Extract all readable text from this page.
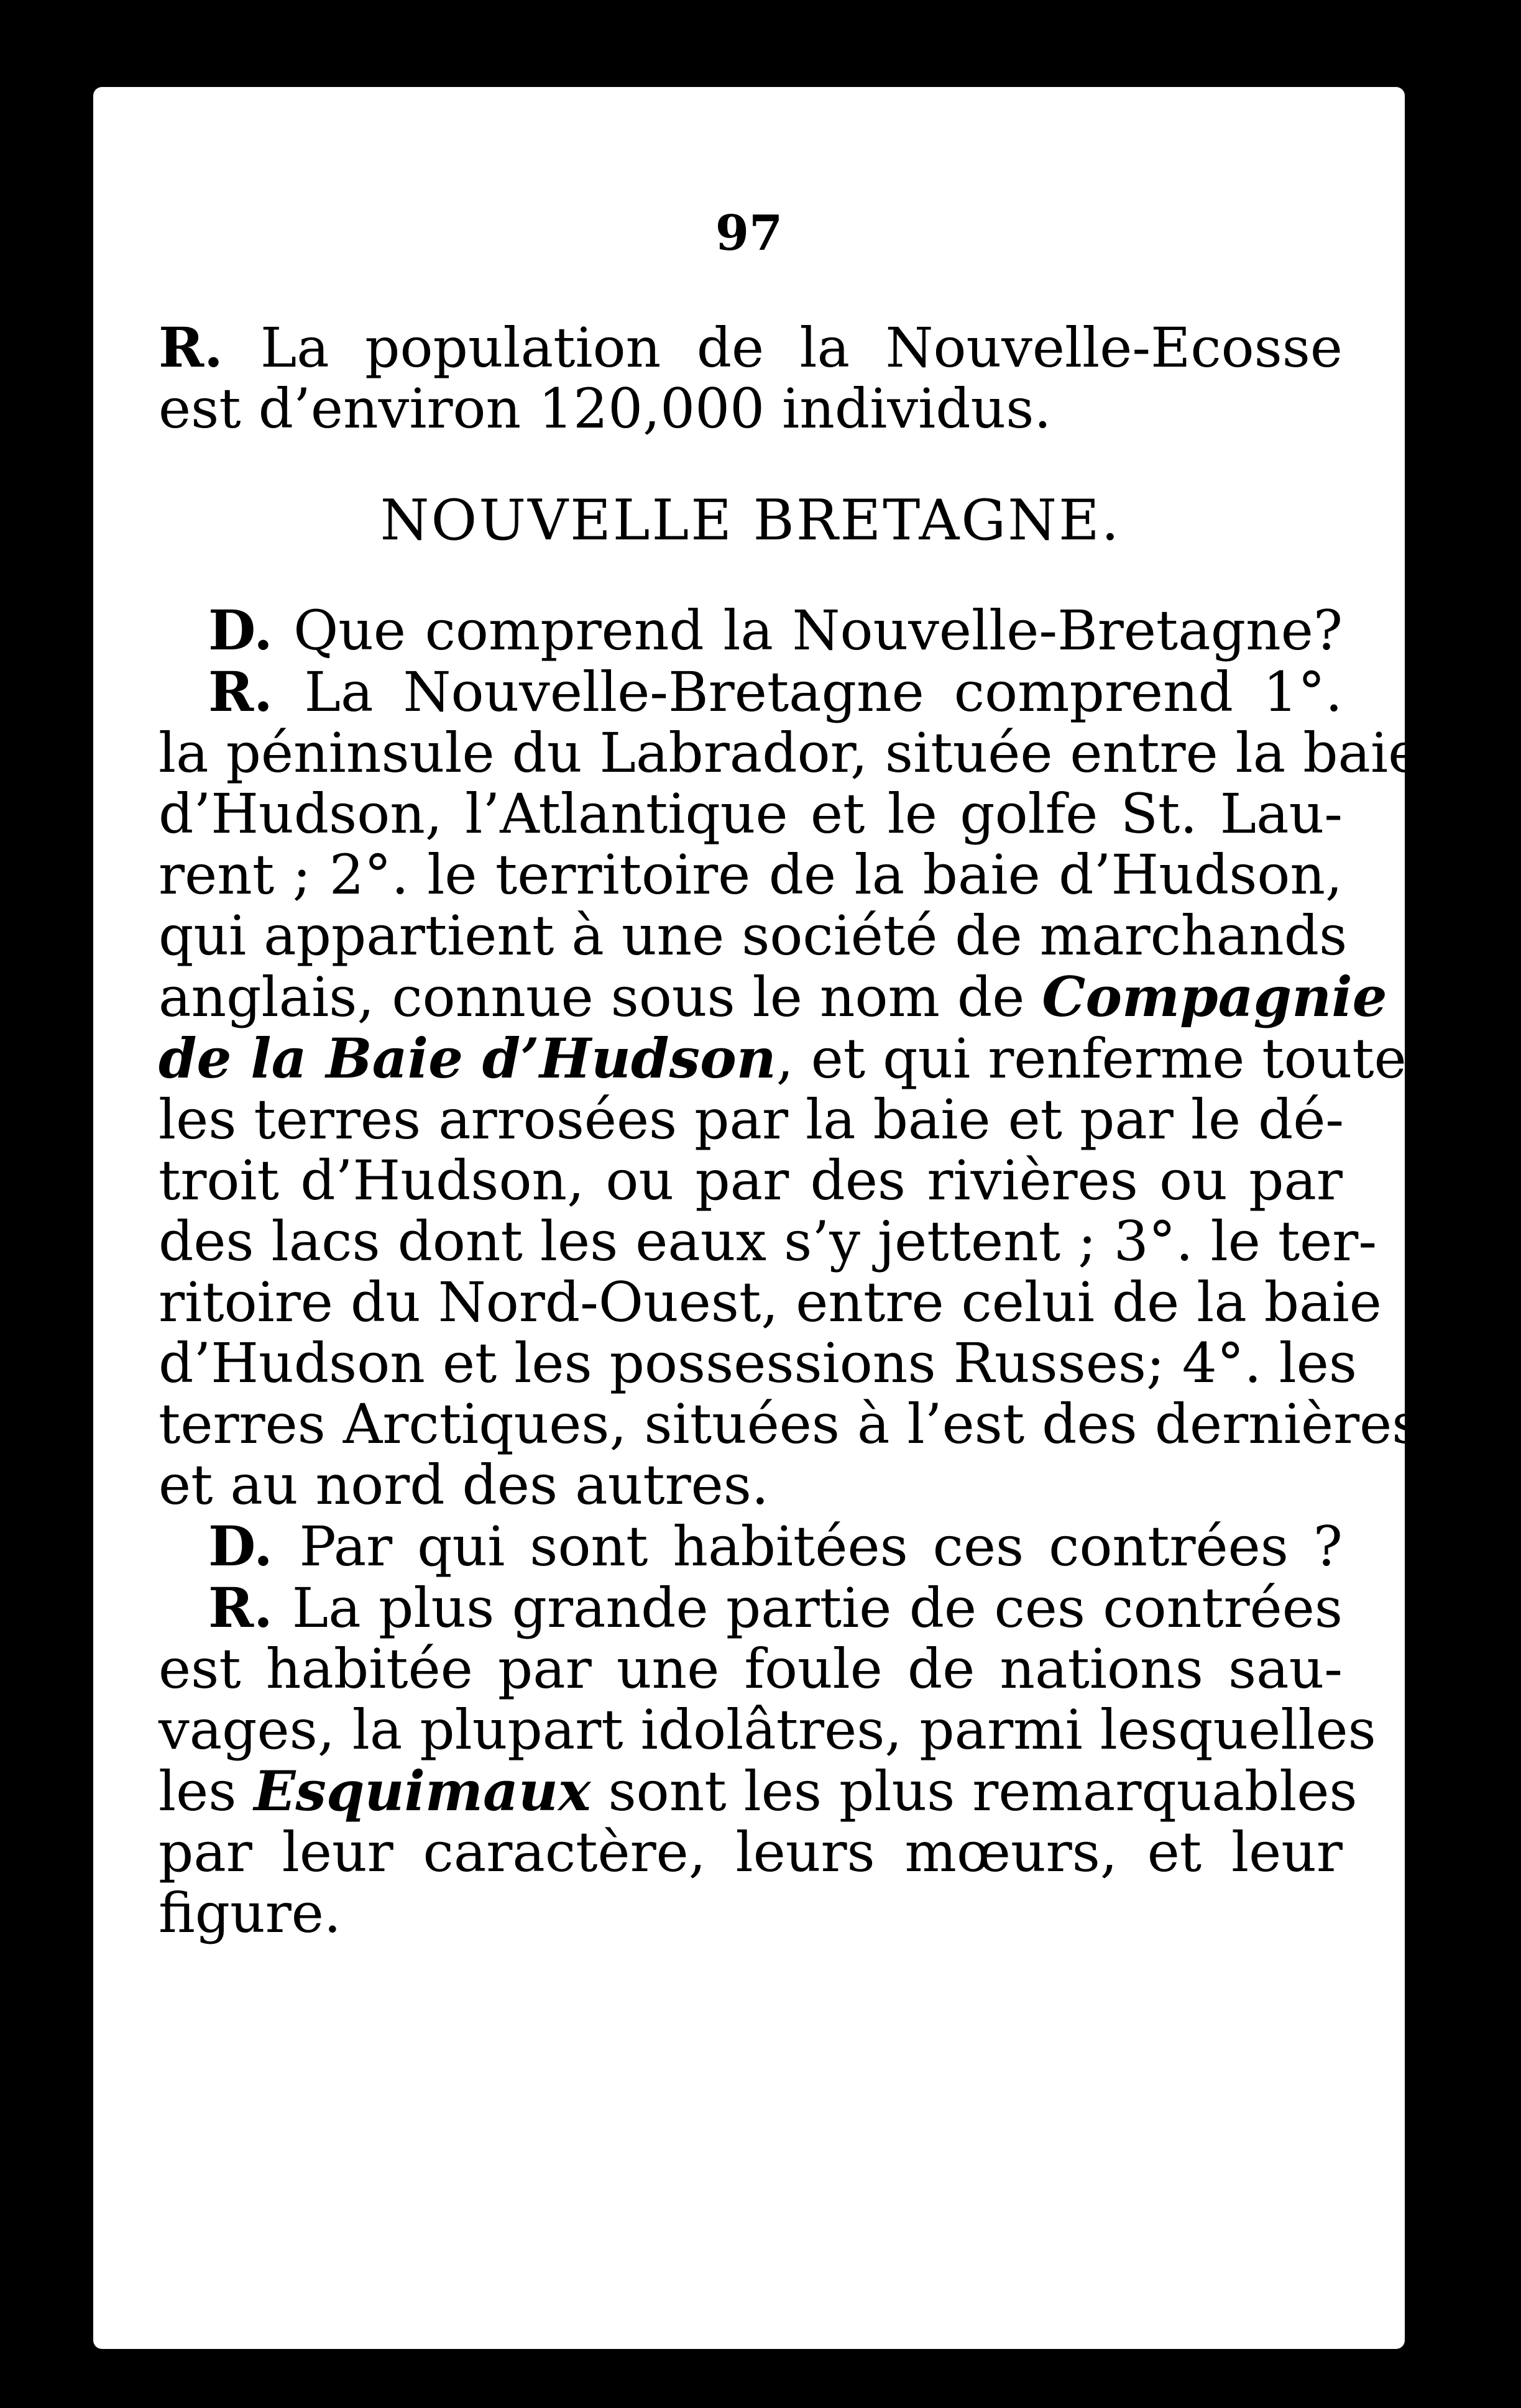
97
R. La population de la Nouvelle-Ecosse
est d’environ 120,000 individus.
NOUVELLE BRETAGNE.
D. Que comprend la Nouvelle-Bretagne?
R. La Nouvelle-Bretagne comprend 1°.
la péninsule du Labrador, située entre la baie
d’Hudson, l’Atlantique et le golfe St. Lau-
rent ; 2°. le territoire de la baie d’Hudson,
qui appartient à une société de marchands
anglais, connue sous le nom de Compagnie
de la Baie d’Hudson, et qui renferme toutes
les terres arrosées par la baie et par le dé-
troit d’Hudson, ou par des rivières ou par
des lacs dont les eaux s’y jettent ; 3°. le ter-
ritoire du Nord-Ouest, entre celui de la baie
d’Hudson et les possessions Russes; 4°. les
terres Arctiques, situées à l’est des dernières,
et au nord des autres.
D. Par qui sont habitées ces contrées ?
R. La plus grande partie de ces contrées
est habitée par une foule de nations sau-
vages, la plupart idolâtres, parmi lesquelles
les Esquimaux sont les plus remarquables
par leur caractère, leurs mœurs, et leur
figure.
